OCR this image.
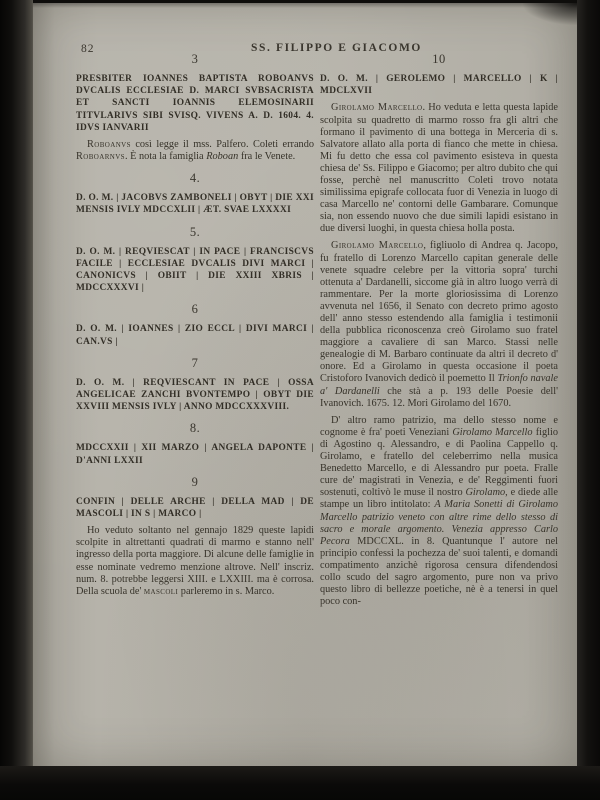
82	SS. FILIPPO E GIACOMO
3

PRESBITER IOANNES BAPTISTA ROBOANVS DVCALIS ECCLESIAE D. MARCI SVBSACRISTA ET SANCTI IOANNIS ELEMOSINARII TITVLARIVS SIBI SVISQ. VIVENS A. D. 1604. 4. IDVS IANVARII

Roboanvs così legge il mss. Palfero. Coleti errando Roboarnvs. È nota la famiglia Roboan fra le Venete.

4.

D. O. M. | JACOBVS ZAMBONELI | OBYT | DIE XXI MENSIS IVLY MDCCXLII | ÆT. SVAE LXXXXI

5.

D. O. M. | REQVIESCAT | IN PACE | FRANCISCVS FACILE | ECCLESIAE DVCALIS DIVI MARCI | CANONICVS | OBIIT | DIE XXIII XBRIS | MDCCXXXVI |

6

D. O. M. | IOANNES | ZIO ECCL | DIVI MARCI | CAN.VS |

7

D. O. M. | REQVIESCANT IN PACE | OSSA ANGELICAE ZANCHI BVONTEMPO | OBYT DIE XXVIII MENSIS IVLY | ANNO MDCCXXXVIII.

8.

MDCCXXII | XII MARZO | ANGELA DAPONTE | D'ANNI LXXII

9

CONFIN | DELLE ARCHE | DELLA MAD | DE MASCOLI | IN S | MARCO |

Ho veduto soltanto nel gennajo 1829 queste lapidi scolpite in altrettanti quadrati di marmo e stanno nell' ingresso della porta maggiore. Di alcune delle famiglie in esse nominate vedremo menzione altrove. Nell' inscriz. num. 8. potrebbe leggersi XIII. e LXXIII. ma è corrosa. Della scuola de' mascoli parleremo in s. Marco.

10

D. O. M. | GEROLEMO | MARCELLO | K | MDCLXVII

Girolamo Marcello. Ho veduta e letta questa lapide scolpita su quadretto di marmo rosso fra gli altri che formano il pavimento di una bottega in Merceria di s. Salvatore allato alla porta di fianco che mette in chiesa. Mi fu detto che essa col pavimento esisteva in questa chiesa de' Ss. Filippo e Giacomo; per altro dubito che qui fosse, perchè nel manuscritto Coleti trovo notata similissima epigrafe collocata fuor di Venezia in luogo di casa Marcello ne' contorni delle Gambarare. Comunque sia, non essendo nuovo che due simili lapidi esistano in due diversi luoghi, in questa chiesa holla posta.

Girolamo Marcello, figliuolo di Andrea q. Jacopo, fu fratello di Lorenzo Marcello capitan generale delle venete squadre celebre per la vittoria sopra' turchi ottenuta a' Dardanelli, siccome già in altro luogo verrà di rammentare. Per la morte gloriosissima di Lorenzo avvenuta nel 1656, il Senato con decreto primo agosto dell' anno stesso estendendo alla famiglia i testimonii della pubblica riconoscenza creò Girolamo suo fratel maggiore a cavaliere di san Marco. Stassi nelle genealogie di M. Barbaro continuate da altri il decreto d' onore. Ed a Girolamo in questa occasione il poeta Cristoforo Ivanovich dedicò il poemetto Il Trionfo navale a' Dardanelli che stà a p. 193 delle Poesie dell' Ivanovich. 1675. 12. Mori Girolamo del 1670.

D' altro ramo patrizio, ma dello stesso nome e cognome è fra' poeti Veneziani Girolamo Marcello figlio di Agostino q. Alessandro, e di Paolina Cappello q. Girolamo, e fratello del celeberrimo nella musica Benedetto Marcello, e di Alessandro pur poeta. Fralle cure de' magistrati in Venezia, e de' Reggimenti fuori sostenuti, coltivò le muse il nostro Girolamo, e diede alle stampe un libro intitolato: A Maria Sonetti di Girolamo Marcello patrizio veneto con altre rime dello stesso di sacro e morale argomento. Venezia appresso Carlo Pecora MDCCXL. in 8. Quantunque l' autore nel principio confessi la pochezza de' suoi talenti, e domandi compatimento anzichè rigorosa censura difendendosi collo scudo del sagro argomento, pure non va privo questo libro di bellezze poetiche, nè è a tenersi in quel poco con-
